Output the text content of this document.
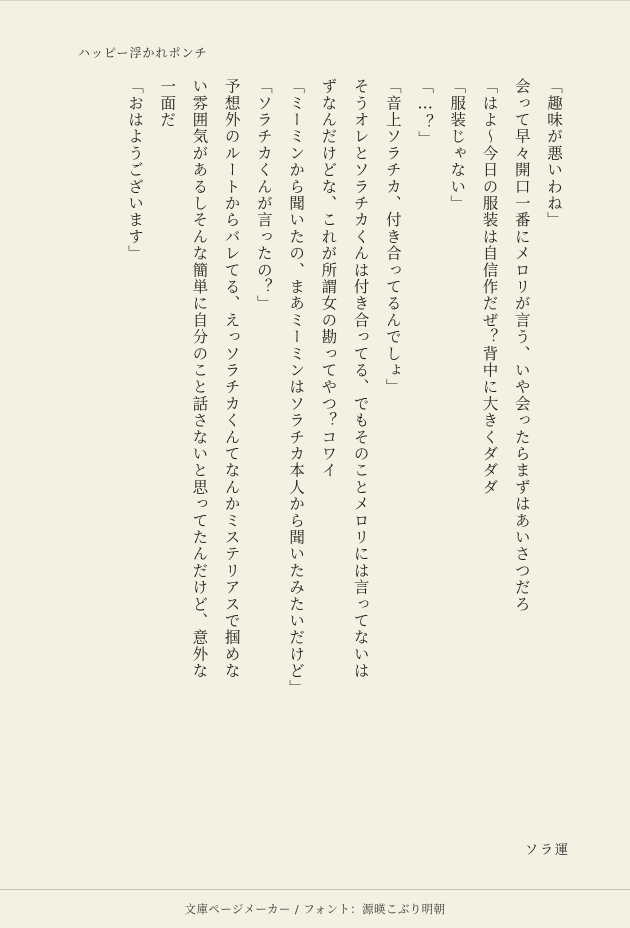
ハッピー浮かれポンチ

「趣味が悪いわね」

会って早々開口一番にメロリが言う、いや会ったらまずはあいさつだろ

「はよ～今日の服装は自信作だぜ？背中に大きくダダダ

「服装じゃない」

「…？」

「音上ソラチカ、付き合ってるんでしょ」

そうオレとソラチカくんは付き合ってる、でもそのことメロリには言ってないは

ずなんだけどな、これが所謂女の勘ってやつ？コワイ

「ミーミンから聞いたの、まあミーミンはソラチカ本人から聞いたみたいだけど」

「ソラチカくんが言ったの？」

予想外のルートからバレてる、えっソラチカくんてなんかミステリアスで掴めな

い雰囲気があるしそんな簡単に自分のこと話さないと思ってたんだけど、意外な

一面だ

「おはようございます」

ソラ運
文庫ページメーカー / フォント：源暎こぶり明朝
